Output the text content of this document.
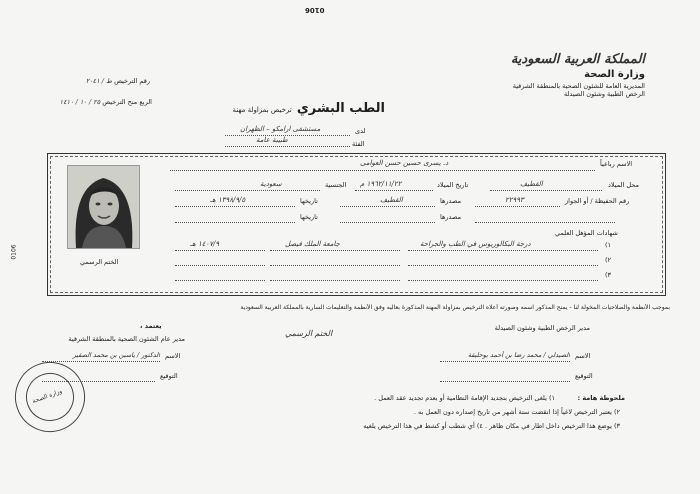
0106
0106
المملكة العربية السعودية
وزارة الصحة
المديرية العامة للشئون الصحية بالمنطقة الشرقية
الرخص الطبية وشئون الصيدلة
الطب البشري ترخيص بمزاولة مهنة
لدى
مستشفى ارامكو – الظهران
طبيبة عامة	الفئة
رقم الترخيص ط / ٢٠٤١
الربع منح الترخيص ٢٥ / ١٠ / ١٤١٠
الختم الرسمي
الاسم رباعياً
د. يسرى حسين حسن العوامى
محل الميلاد
القطيف
تاريخ الميلاد
١٩٦٢/١١/٢٢ م
الجنسية
سعودية
رقم الحفيظة / أو الجواز
٢٢٩٩٣
مصدرها
القطيف
تاريخها
١٣٩٨/٩/٥ هـ
مصدرها
تاريخها
شهادات المؤهل العلمي
١)
درجة البكالوريوس في الطب والجراحة
جامعة الملك فيصل
١٤٠٧/٩ هـ
٢)
٣)
بموجب الأنظمة والصلاحيات المخولة لنا - يمنح المذكور اسمه وصورته أعلاه الترخيص بمزاولة المهنة المذكورة بعاليه وفق الأنظمة والتعليمات السارية بالمملكة العربية السعودية
يعتمد ،
مدير عام الشئون الصحية بالمنطقة الشرقية
الاسم
الدكتور / ياسين بن محمد الصقير
التوقيع
الختم الرسمي
مدير الرخص الطبية وشئون الصيدلة
الاسم
الصيدلي / محمد رضا بن أحمد بوحليقة
التوقيع
ملحوظة هامة :
١) يلغى الترخيص بتجديد الإقامة النظامية أو بعدم تجديد عقد العمل .
٢) يعتبر الترخيص لاغياً إذا انقضت ستة أشهر من تاريخ إصداره دون العمل به .
٣) يوضع هذا الترخيص داخل اطار في مكان ظاهر . ٤) أي شطب أو كشط في هذا الترخيص يلغيه
وزارة الصحة
